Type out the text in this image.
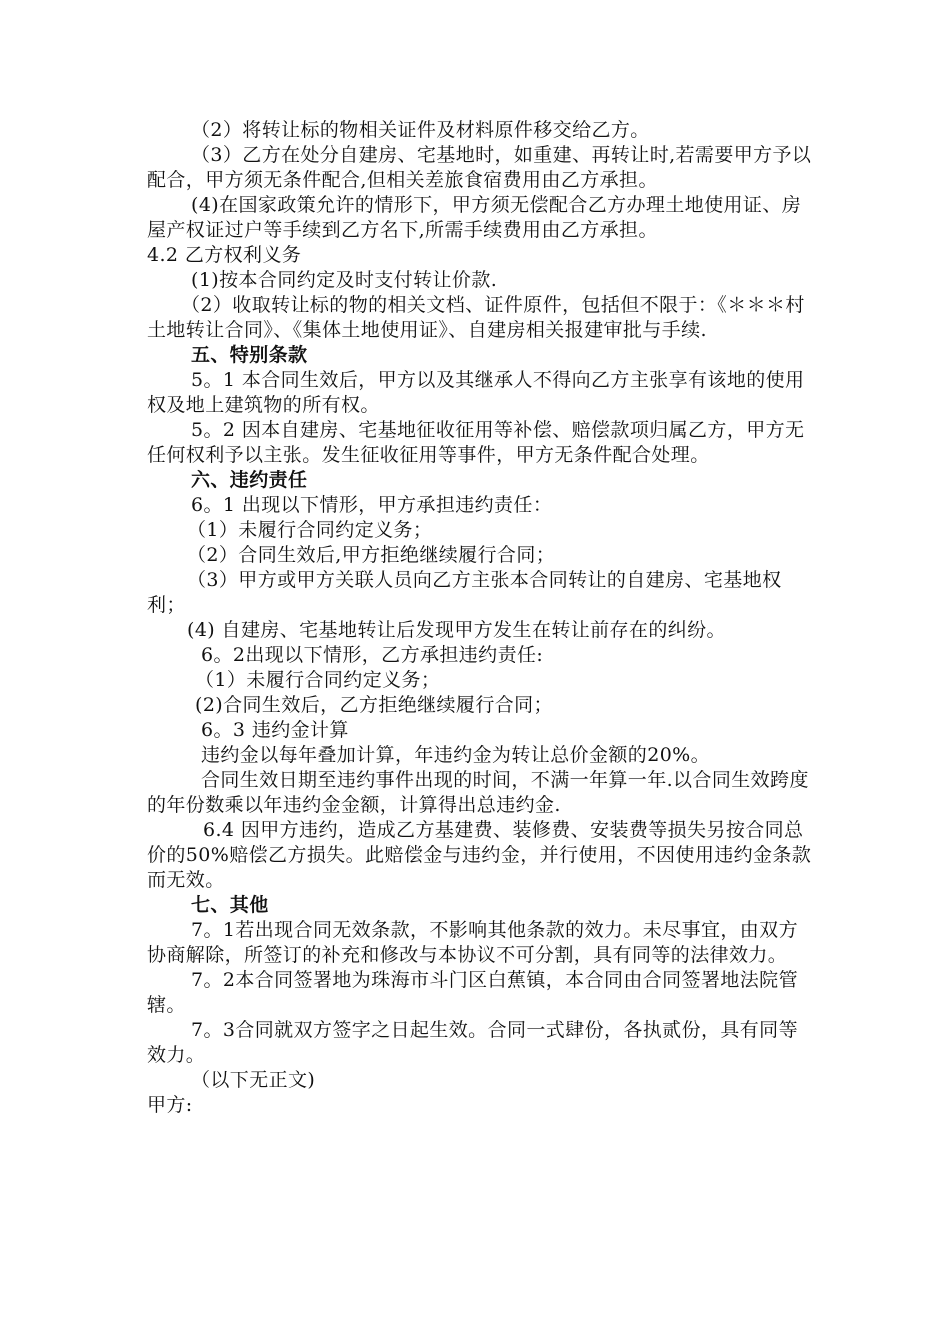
（2）将转让标的物相关证件及材料原件移交给乙方。

（3）乙方在处分自建房、宅基地时，如重建、再转让时,若需要甲方予以配合，甲方须无条件配合,但相关差旅食宿费用由乙方承担。

(4)在国家政策允许的情形下，甲方须无偿配合乙方办理土地使用证、房屋产权证过户等手续到乙方名下,所需手续费用由乙方承担。

4.2 乙方权利义务

(1)按本合同约定及时支付转让价款.

（2）收取转让标的物的相关文档、证件原件，包括但不限于：《＊＊＊村土地转让合同》、《集体土地使用证》、自建房相关报建审批与手续.

五、特别条款

5。1 本合同生效后，甲方以及其继承人不得向乙方主张享有该地的使用权及地上建筑物的所有权。

5。2 因本自建房、宅基地征收征用等补偿、赔偿款项归属乙方，甲方无任何权利予以主张。发生征收征用等事件，甲方无条件配合处理。

六、违约责任

6。1 出现以下情形，甲方承担违约责任：

（1）未履行合同约定义务；

（2）合同生效后,甲方拒绝继续履行合同；

（3）甲方或甲方关联人员向乙方主张本合同转让的自建房、宅基地权利；

(4) 自建房、宅基地转让后发现甲方发生在转让前存在的纠纷。

6。2出现以下情形，乙方承担违约责任:

（1）未履行合同约定义务；

(2)合同生效后，乙方拒绝继续履行合同；

6。3 违约金计算

违约金以每年叠加计算，年违约金为转让总价金额的20%。

合同生效日期至违约事件出现的时间，不满一年算一年.以合同生效跨度的年份数乘以年违约金金额，计算得出总违约金.

6.4 因甲方违约，造成乙方基建费、装修费、安装费等损失另按合同总价的50%赔偿乙方损失。此赔偿金与违约金，并行使用，不因使用违约金条款而无效。

七、其他

7。1若出现合同无效条款，不影响其他条款的效力。未尽事宜，由双方协商解除，所签订的补充和修改与本协议不可分割，具有同等的法律效力。

7。2本合同签署地为珠海市斗门区白蕉镇，本合同由合同签署地法院管辖。

7。3合同就双方签字之日起生效。合同一式肆份，各执贰份，具有同等效力。

（以下无正文)

甲方:
